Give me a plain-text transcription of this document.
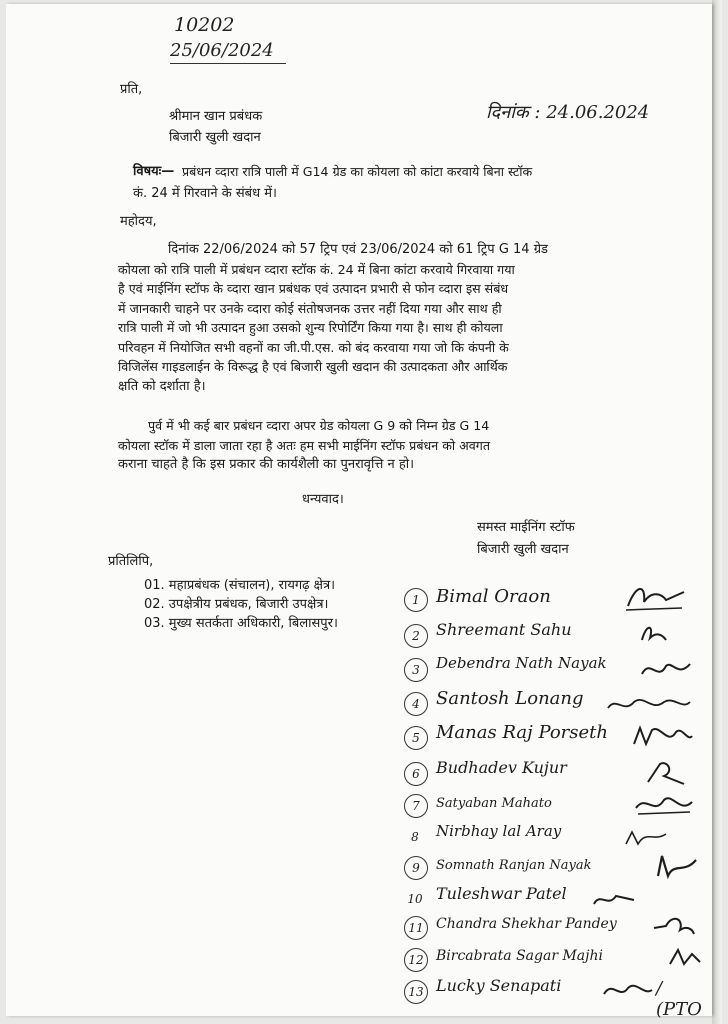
10202
25/06/2024
प्रति,
श्रीमान खान प्रबंधक
बिजारी खुली खदान
दिनांक : 24.06.2024
विषयः— प्रबंधन व्दारा रात्रि पाली में G14 ग्रेड का कोयला को कांटा करवाये बिना स्टॉक
कं. 24 में गिरवाने के संबंध में।
महोदय,
दिनांक 22/06/2024 को 57 ट्रिप एवं 23/06/2024 को 61 ट्रिप G 14 ग्रेड
कोयला को रात्रि पाली में प्रबंधन व्दारा स्टॉक कं. 24 में बिना कांटा करवाये गिरवाया गया
है एवं माईनिंग स्टॉफ के व्दारा खान प्रबंधक एवं उत्पादन प्रभारी से फोन व्दारा इस संबंध
में जानकारी चाहने पर उनके व्दारा कोई संतोषजनक उत्तर नहीं दिया गया और साथ ही
रात्रि पाली में जो भी उत्पादन हुआ उसको शुन्य रिपोर्टिंग किया गया है। साथ ही कोयला
परिवहन में नियोजित सभी वहनों का जी.पी.एस. को बंद करवाया गया जो कि कंपनी के
विजिलेंस गाइडलाईन के विरूद्ध है एवं बिजारी खुली खदान की उत्पादकता और आर्थिक
क्षति को दर्शाता है।
पुर्व में भी कई बार प्रबंधन व्दारा अपर ग्रेड कोयला G 9 को निम्न ग्रेड G 14
कोयला स्टॉक में डाला जाता रहा है अतः हम सभी माईनिंग स्टॉफ प्रबंधन को अवगत
कराना चाहते है कि इस प्रकार की कार्यशैली का पुनरावृत्ति न हो।
धन्यवाद।
समस्त माईनिंग स्टॉफ
बिजारी खुली खदान
प्रतिलिपि,
01. महाप्रबंधक (संचालन), रायगढ़ क्षेत्र।
02. उपक्षेत्रीय प्रबंधक, बिजारी उपक्षेत्र।
03. मुख्य सतर्कता अधिकारी, बिलासपुर।
1 Bimal Oraon
2	Shreemant Sahu
3	Debendra Nath Nayak
4 Santosh Lonang
5 Manas Raj Porseth
6	Budhadev Kujur
7	Satyaban Mahato
8	Nirbhay lal Aray
9	Somnath Ranjan Nayak
10 Tuleshwar Patel
11 Chandra Shekhar Pandey
12 Bircabrata Sagar Majhi
13 Lucky Senapati	/ (PTO
